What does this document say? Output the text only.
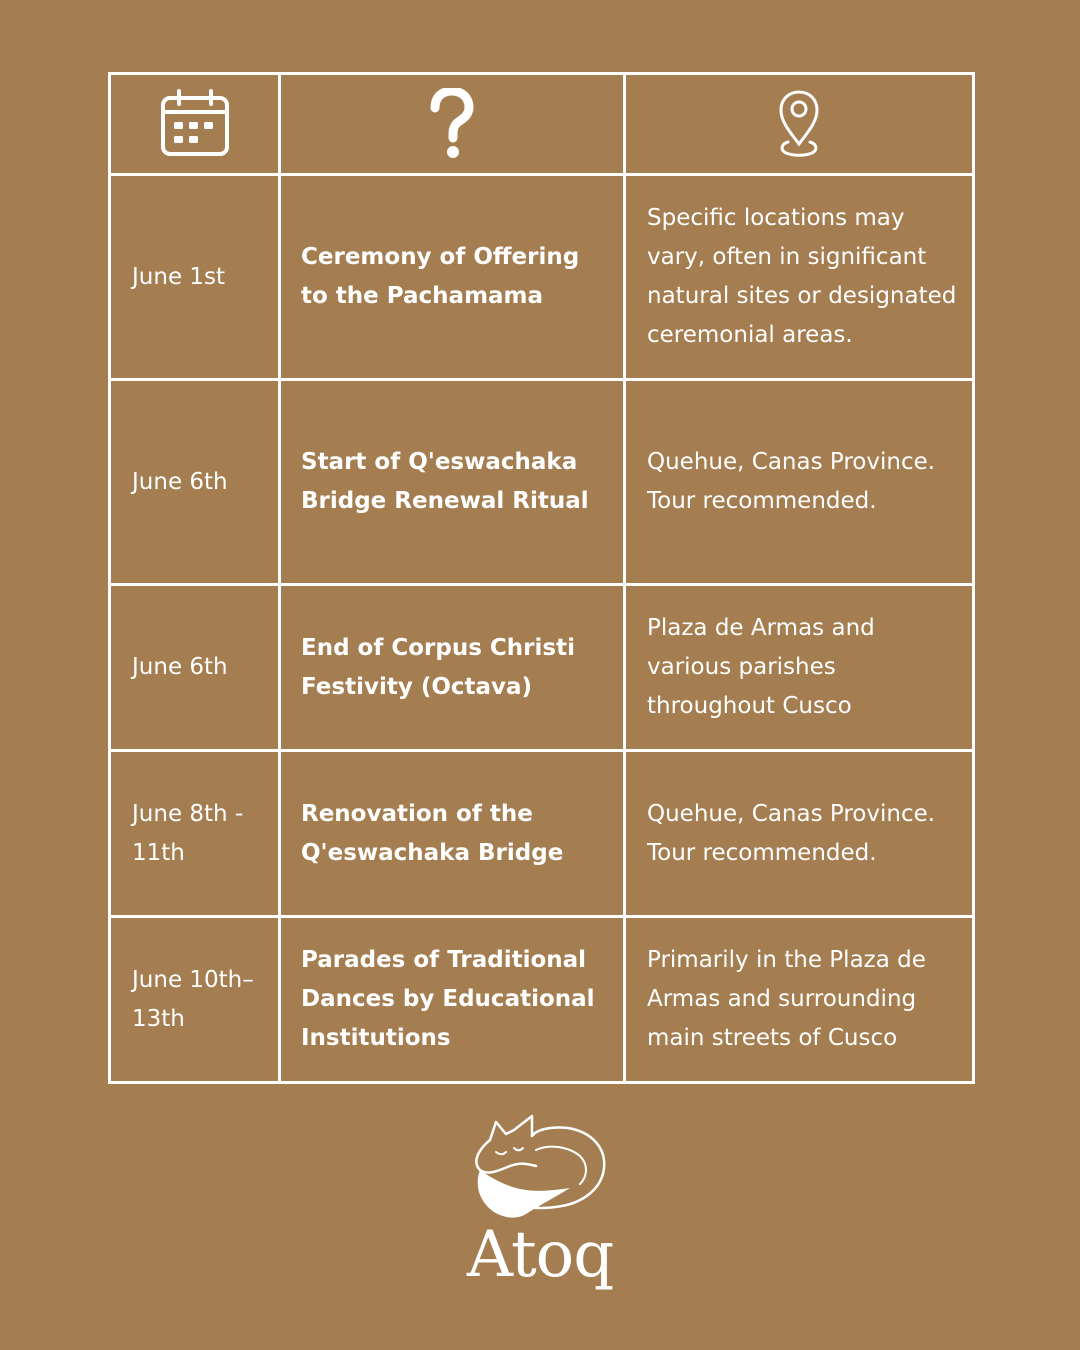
June 1st	Ceremony of Offering to the Pachamama	Specific locations may vary, often in significant natural sites or designated ceremonial areas.
June 6th	Start of Q'eswachaka Bridge Renewal Ritual	Quehue, Canas Province. Tour recommended.
June 6th	End of Corpus Christi Festivity (Octava)	Plaza de Armas and various parishes throughout Cusco
June 8th - 11th	Renovation of the Q'eswachaka Bridge	Quehue, Canas Province. Tour recommended.
June 10th–13th	Parades of Traditional Dances by Educational Institutions	Primarily in the Plaza de Armas and surrounding main streets of Cusco
Atoq
